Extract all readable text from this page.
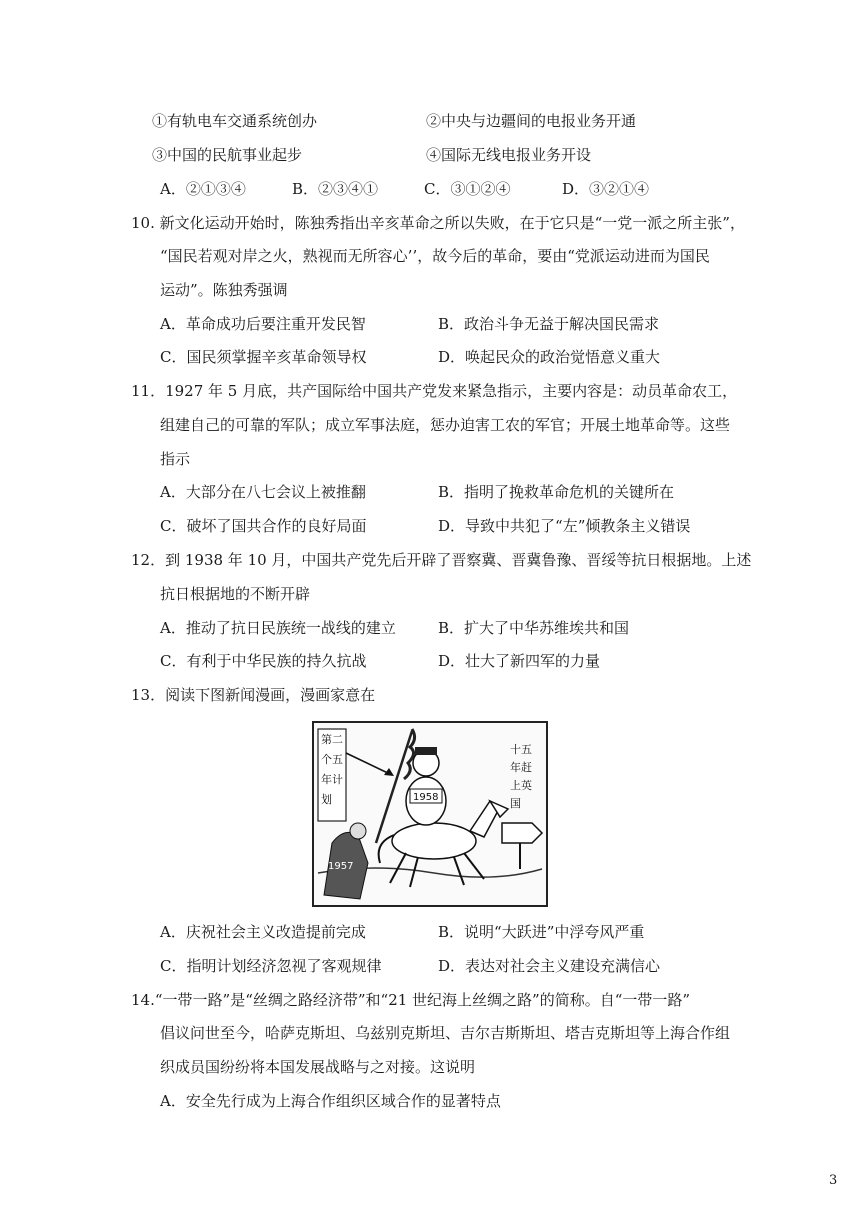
①有轨电车交通系统创办	②中央与边疆间的电报业务开通
③中国的民航事业起步	④国际无线电报业务开设
A．②①③④	B．②③④①	C．③①②④	D．③②①④
10. 新文化运动开始时，陈独秀指出辛亥革命之所以失败，在于它只是“一党一派之所主张”，
“国民若观对岸之火，熟视而无所容心’’，故今后的革命，要由“党派运动进而为国民
运动”。陈独秀强调
A．革命成功后要注重开发民智	B．政治斗争无益于解决国民需求
C．国民须掌握辛亥革命领导权	D．唤起民众的政治觉悟意义重大
11．1927 年 5 月底，共产国际给中国共产党发来紧急指示，主要内容是：动员革命农工，
组建自己的可靠的军队；成立军事法庭，惩办迫害工农的军官；开展土地革命等。这些
指示
A．大部分在八七会议上被推翻	B．指明了挽救革命危机的关键所在
C．破坏了国共合作的良好局面	D．导致中共犯了“左”倾教条主义错误
12．到 1938 年 10 月，中国共产党先后开辟了晋察冀、晋冀鲁豫、晋绥等抗日根据地。上述
抗日根据地的不断开辟
A．推动了抗日民族统一战线的建立	B．扩大了中华苏维埃共和国
C．有利于中华民族的持久抗战	D．壮大了新四军的力量
13．阅读下图新闻漫画，漫画家意在
第二 个五 年计 划
1957
1958
十五 年赶 上英 国
A．庆祝社会主义改造提前完成	B．说明“大跃进”中浮夸风严重
C．指明计划经济忽视了客观规律	D．表达对社会主义建设充满信心
14.“一带一路”是“丝绸之路经济带”和“21 世纪海上丝绸之路”的简称。自“一带一路”
倡议问世至今，哈萨克斯坦、乌兹别克斯坦、吉尔吉斯斯坦、塔吉克斯坦等上海合作组
织成员国纷纷将本国发展战略与之对接。这说明
A．安全先行成为上海合作组织区域合作的显著特点
3
